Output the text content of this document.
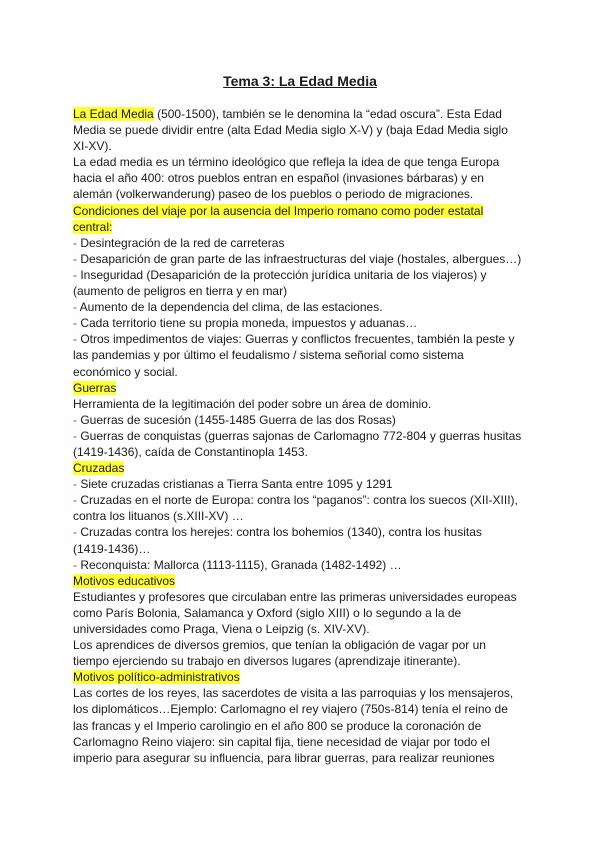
Tema 3: La Edad Media
La Edad Media (500-1500), también se le denomina la “edad oscura”. Esta Edad
Media se puede dividir entre (alta Edad Media siglo X-V) y (baja Edad Media siglo
XI-XV).
La edad media es un término ideológico que refleja la idea de que tenga Europa
hacia el año 400: otros pueblos entran en español (invasiones bárbaras) y en
alemán (volkerwanderung) paseo de los pueblos o periodo de migraciones.
Condiciones del viaje por la ausencia del Imperio romano como poder estatal
central:
- Desintegración de la red de carreteras
- Desaparición de gran parte de las infraestructuras del viaje (hostales, albergues…)
- Inseguridad (Desaparición de la protección jurídica unitaria de los viajeros) y
(aumento de peligros en tierra y en mar)
- Aumento de la dependencia del clima, de las estaciones.
- Cada territorio tiene su propia moneda, impuestos y aduanas…
- Otros impedimentos de viajes: Guerras y conflictos frecuentes, también la peste y
las pandemias y por último el feudalismo / sistema señorial como sistema
económico y social.
Guerras
Herramienta de la legitimación del poder sobre un área de dominio.
- Guerras de sucesión (1455-1485 Guerra de las dos Rosas)
- Guerras de conquistas (guerras sajonas de Carlomagno 772-804 y guerras husitas
(1419-1436), caída de Constantinopla 1453.
Cruzadas
- Siete cruzadas cristianas a Tierra Santa entre 1095 y 1291
- Cruzadas en el norte de Europa: contra los “paganos”: contra los suecos (XII-XIII),
contra los lituanos (s.XIII-XV) …
- Cruzadas contra los herejes: contra los bohemios (1340), contra los husitas
(1419-1436)…
- Reconquista: Mallorca (1113-1115), Granada (1482-1492) …
Motivos educativos
Estudiantes y profesores que circulaban entre las primeras universidades europeas
como París Bolonia, Salamanca y Oxford (siglo XIII) o lo segundo a la de
universidades como Praga, Viena o Leipzig (s. XIV-XV).
Los aprendices de diversos gremios, que tenían la obligación de vagar por un
tiempo ejerciendo su trabajo en diversos lugares (aprendizaje itinerante).
Motivos político-administrativos
Las cortes de los reyes, las sacerdotes de visita a las parroquias y los mensajeros,
los diplomáticos…Ejemplo: Carlomagno el rey viajero (750s-814) tenía el reino de
las francas y el Imperio carolingio en el año 800 se produce la coronación de
Carlomagno Reino viajero: sin capital fija, tiene necesidad de viajar por todo el
imperio para asegurar su influencia, para librar guerras, para realizar reuniones
